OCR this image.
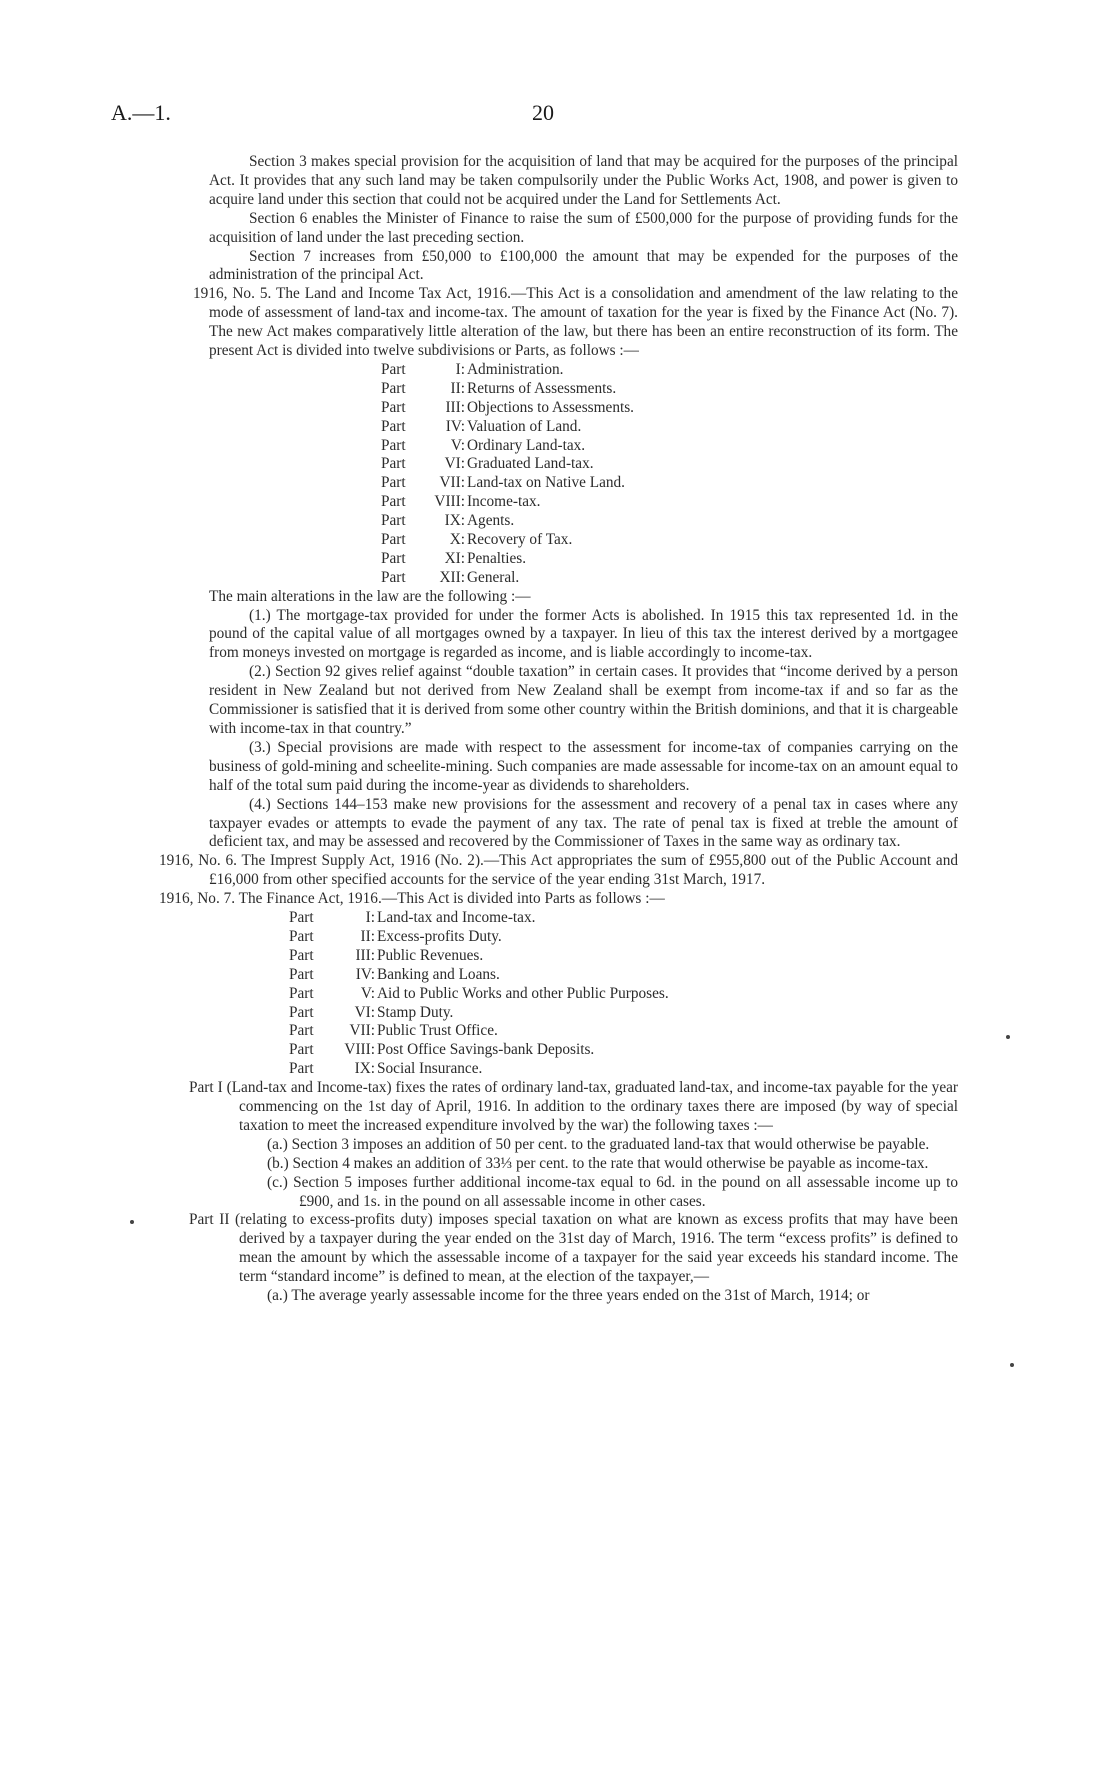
A.—1.	20

Section 3 makes special provision for the acquisition of land that may be acquired for the purposes of the principal Act. It provides that any such land may be taken compulsorily under the Public Works Act, 1908, and power is given to acquire land under this section that could not be acquired under the Land for Settlements Act.

Section 6 enables the Minister of Finance to raise the sum of £500,000 for the purpose of providing funds for the acquisition of land under the last preceding section.

Section 7 increases from £50,000 to £100,000 the amount that may be expended for the purposes of the administration of the principal Act.

1916, No. 5. The Land and Income Tax Act, 1916.—This Act is a consolidation and amendment of the law relating to the mode of assessment of land-tax and income-tax. The amount of taxation for the year is fixed by the Finance Act (No. 7). The new Act makes comparatively little alteration of the law, but there has been an entire reconstruction of its form. The present Act is divided into twelve subdivisions or Parts, as follows :—

Part	I: Administration.
Part	II: Returns of Assessments.
Part	III: Objections to Assessments.
Part	IV: Valuation of Land.
Part	V: Ordinary Land-tax.
Part	VI: Graduated Land-tax.
Part	VII: Land-tax on Native Land.
Part	VIII: Income-tax.
Part	IX: Agents.
Part	X: Recovery of Tax.
Part	XI: Penalties.
Part	XII: General.

The main alterations in the law are the following :—

(1.) The mortgage-tax provided for under the former Acts is abolished. In 1915 this tax represented 1d. in the pound of the capital value of all mortgages owned by a taxpayer. In lieu of this tax the interest derived by a mortgagee from moneys invested on mortgage is regarded as income, and is liable accordingly to income-tax.

(2.) Section 92 gives relief against “double taxation” in certain cases. It provides that “income derived by a person resident in New Zealand but not derived from New Zealand shall be exempt from income-tax if and so far as the Commissioner is satisfied that it is derived from some other country within the British dominions, and that it is chargeable with income-tax in that country.”

(3.) Special provisions are made with respect to the assessment for income-tax of companies carrying on the business of gold-mining and scheelite-mining. Such companies are made assessable for income-tax on an amount equal to half of the total sum paid during the income-year as dividends to shareholders.

(4.) Sections 144–153 make new provisions for the assessment and recovery of a penal tax in cases where any taxpayer evades or attempts to evade the payment of any tax. The rate of penal tax is fixed at treble the amount of deficient tax, and may be assessed and recovered by the Commissioner of Taxes in the same way as ordinary tax.

1916, No. 6. The Imprest Supply Act, 1916 (No. 2).—This Act appropriates the sum of £955,800 out of the Public Account and £16,000 from other specified accounts for the service of the year ending 31st March, 1917.

1916, No. 7. The Finance Act, 1916.—This Act is divided into Parts as follows :—

Part	I: Land-tax and Income-tax.
Part	II: Excess-profits Duty.
Part	III: Public Revenues.
Part	IV: Banking and Loans.
Part	V: Aid to Public Works and other Public Purposes.
Part	VI: Stamp Duty.
Part	VII: Public Trust Office.
Part	VIII: Post Office Savings-bank Deposits.
Part	IX: Social Insurance.

Part I (Land-tax and Income-tax) fixes the rates of ordinary land-tax, graduated land-tax, and income-tax payable for the year commencing on the 1st day of April, 1916. In addition to the ordinary taxes there are imposed (by way of special taxation to meet the increased expenditure involved by the war) the following taxes :—

(a.) Section 3 imposes an addition of 50 per cent. to the graduated land-tax that would otherwise be payable.

(b.) Section 4 makes an addition of 33⅓ per cent. to the rate that would otherwise be payable as income-tax.

(c.) Section 5 imposes further additional income-tax equal to 6d. in the pound on all assessable income up to £900, and 1s. in the pound on all assessable income in other cases.

Part II (relating to excess-profits duty) imposes special taxation on what are known as excess profits that may have been derived by a taxpayer during the year ended on the 31st day of March, 1916. The term “excess profits” is defined to mean the amount by which the assessable income of a taxpayer for the said year exceeds his standard income. The term “standard income” is defined to mean, at the election of the taxpayer,—

(a.) The average yearly assessable income for the three years ended on the 31st of March, 1914; or
